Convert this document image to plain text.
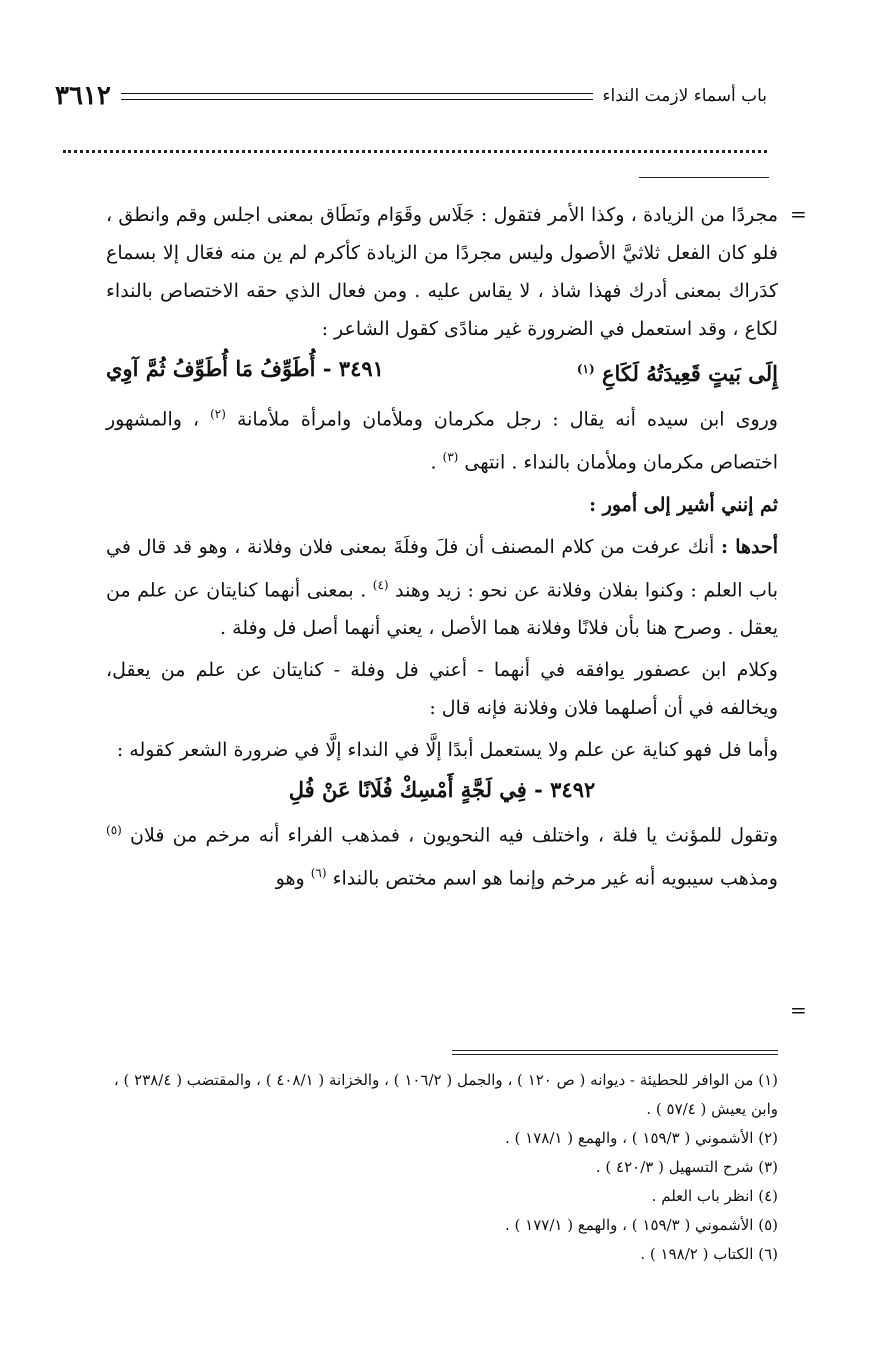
٣٦١٢	باب أسماء لازمت النداء
=
=

مجردًا من الزيادة ، وكذا الأمر فتقول : جَلَاس وقَوَام ونَطَاق بمعنى اجلس وقم وانطق ، فلو كان الفعل ثلاثيَّ الأصول وليس مجردًا من الزيادة كأكرم لم ين منه فعَال إلا بسماع كدَراك بمعنى أدرك فهذا شاذ ، لا يقاس عليه . ومن فعال الذي حقه الاختصاص بالنداء لكاع ، وقد استعمل في الضرورة غير منادًى كقول الشاعر :

٣٤٩١ - أُطَوِّفُ مَا أُطَوِّفُ ثُمَّ آوِي	إِلَى بَيتٍ قَعِيدَتُهُ لَكَاعِ $^{(١)}$

وروى ابن سيده أنه يقال : رجل مكرمان وملأمان وامرأة ملأمانة $^{(٢)}$ ، والمشهور اختصاص مكرمان وملأمان بالنداء . انتهى $^{(٣)}$ .

ثم إنني أشير إلى أمور :

أحدها : أنك عرفت من كلام المصنف أن فلَ وفلَةَ بمعنى فلان وفلانة ، وهو قد قال في باب العلم : وكنوا بفلان وفلانة عن نحو : زيد وهند $^{(٤)}$ . بمعنى أنهما كنايتان عن علم من يعقل . وصرح هنا بأن فلانًا وفلانة هما الأصل ، يعني أنهما أصل فل وفلة .

وكلام ابن عصفور يوافقه في أنهما - أعني فل وفلة - كنايتان عن علم من يعقل، ويخالفه في أن أصلهما فلان وفلانة فإنه قال :

وأما فل فهو كناية عن علم ولا يستعمل أبدًا إلَّا في النداء إلَّا في ضرورة الشعر كقوله :

٣٤٩٢ - فِي لَجَّةٍ أَمْسِكْ فُلَانًا عَنْ فُلِ

وتقول للمؤنث يا فلة ، واختلف فيه النحويون ، فمذهب الفراء أنه مرخم من فلان $^{(٥)}$ ومذهب سيبويه أنه غير مرخم وإنما هو اسم مختص بالنداء $^{(٦)}$ وهو

(١) من الوافر للحطيئة - ديوانه ( ص ١٢٠ ) ، والجمل ( ١٠٦/٢ ) ، والخزانة ( ٤٠٨/١ ) ، والمقتضب ( ٢٣٨/٤ ) ، وابن يعيش ( ٥٧/٤ ) .

(٢) الأشموني ( ١٥٩/٣ ) ، والهمع ( ١٧٨/١ ) .

(٣) شرح التسهيل ( ٤٢٠/٣ ) .

(٤) انظر باب العلم .

(٥) الأشموني ( ١٥٩/٣ ) ، والهمع ( ١٧٧/١ ) .

(٦) الكتاب ( ١٩٨/٢ ) .
